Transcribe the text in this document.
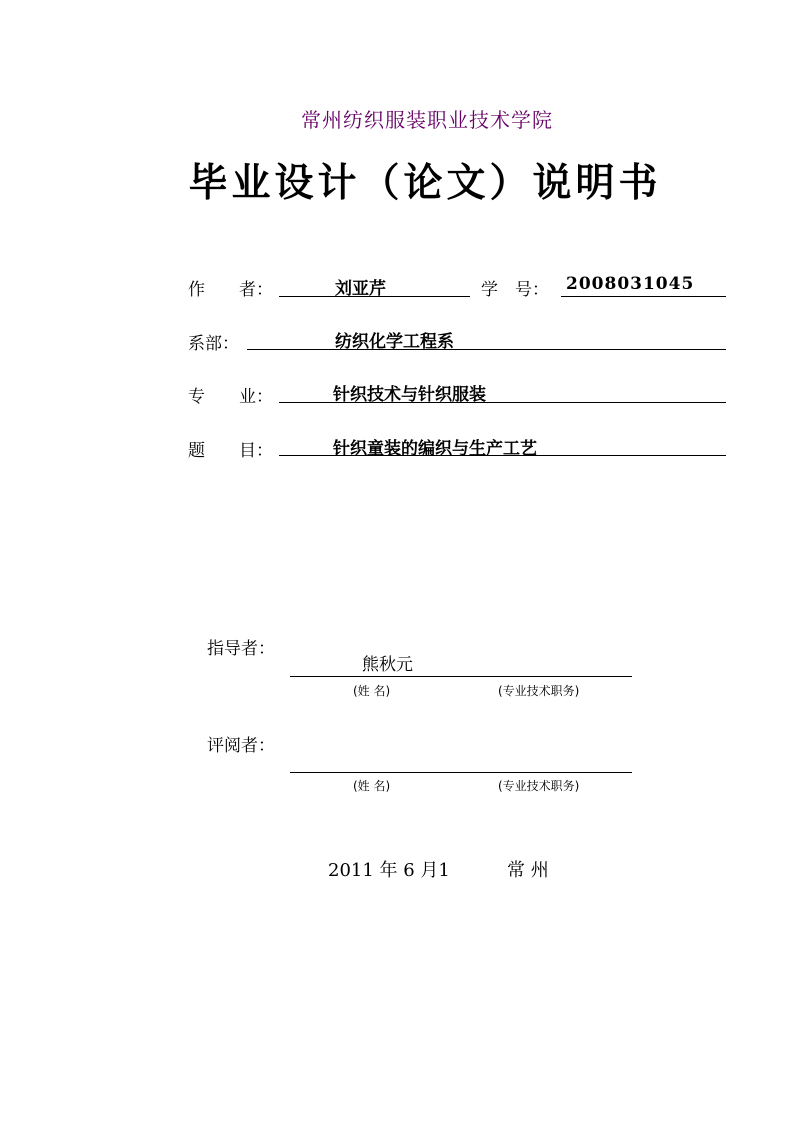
常州纺织服装职业技术学院
毕业设计（论文）说明书
作　　者：	刘亚芹	学　号： 2008031045
系部：	纺织化学工程系
专　　业：	针织技术与针织服装
题　　目：	针织童装的编织与生产工艺
指导者：
熊秋元
(姓 名)	(专业技术职务)
评阅者：
(姓 名)	(专业技术职务)
2011 年 6 月1	常 州
